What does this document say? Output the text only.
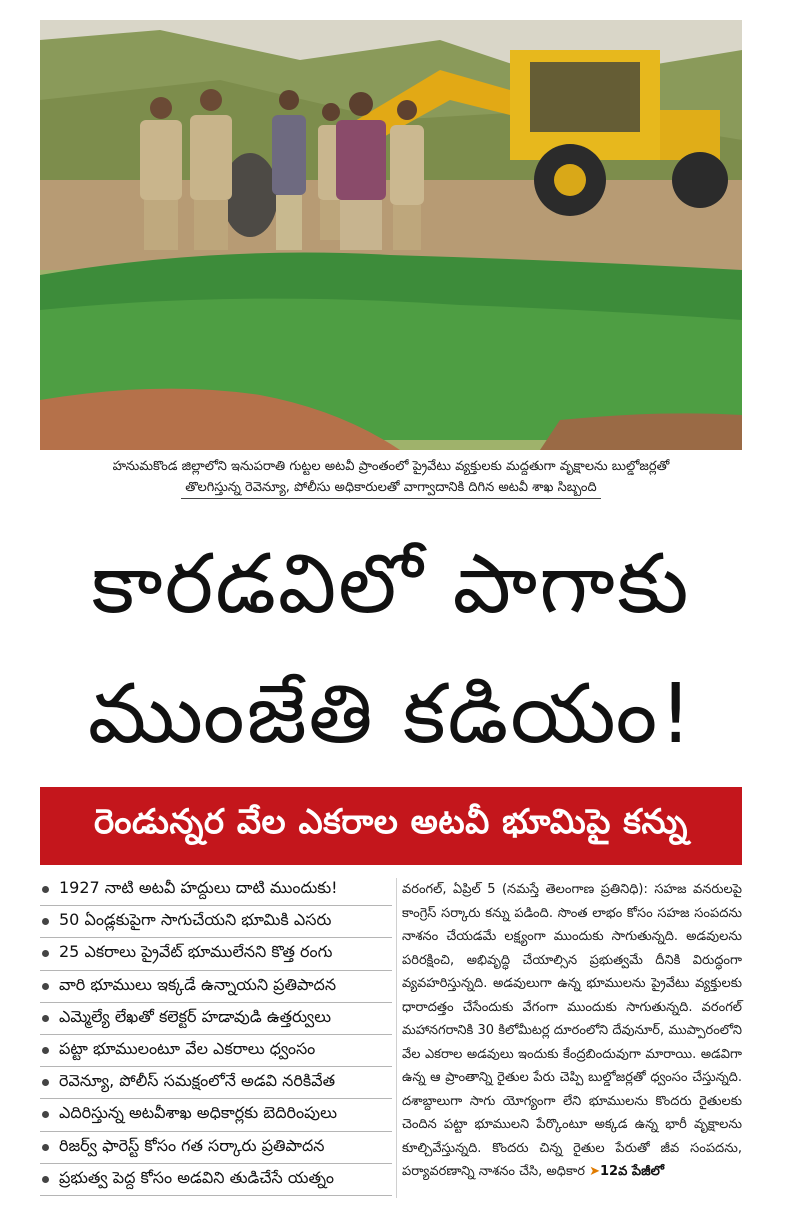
హనుమకొండ జిల్లాలోని ఇనుపరాతి గుట్టల అటవీ ప్రాంతంలో ప్రైవేటు వ్యక్తులకు మద్దతుగా వృక్షాలను బుల్డోజర్లతో
తొలగిస్తున్న రెవెన్యూ, పోలీసు అధికారులతో వాగ్వాదానికి దిగిన అటవీ శాఖ సిబ్బంది
కారడవిలో పాగాకు
ముంజేతి కడియం!
రెండున్నర వేల ఎకరాల అటవీ భూమిపై కన్ను
1927 నాటి అటవీ హద్దులు దాటి ముందుకు!
50 ఏండ్లకుపైగా సాగుచేయని భూమికి ఎసరు
25 ఎకరాలు ప్రైవేట్ భూములేనని కొత్త రంగు
వారి భూములు ఇక్కడే ఉన్నాయని ప్రతిపాదన
ఎమ్మెల్యే లేఖతో కలెక్టర్ హడావుడి ఉత్తర్వులు
పట్టా భూములంటూ వేల ఎకరాలు ధ్వంసం
రెవెన్యూ, పోలీస్ సమక్షంలోనే అడవి నరికివేత
ఎదిరిస్తున్న అటవీశాఖ అధికార్లకు బెదిరింపులు
రిజర్వ్ ఫారెస్ట్ కోసం గత సర్కారు ప్రతిపాదన
ప్రభుత్వ పెద్ద కోసం అడవిని తుడిచేసే యత్నం
వరంగల్, ఏప్రిల్ 5 (నమస్తే తెలంగాణ ప్రతినిధి): సహజ వనరులపై కాంగ్రెస్ సర్కారు కన్ను పడింది. సొంత లాభం కోసం సహజ సంపదను నాశనం చేయడమే లక్ష్యంగా ముందుకు సాగుతున్నది. అడవులను పరిరక్షించి, అభివృద్ధి చేయాల్సిన ప్రభుత్వమే దీనికి విరుద్ధంగా వ్యవహరిస్తున్నది. అడవులుగా ఉన్న భూములను ప్రైవేటు వ్యక్తులకు ధారాదత్తం చేసేందుకు వేగంగా ముందుకు సాగుతున్నది. వరంగల్ మహానగరానికి 30 కిలోమీటర్ల దూరంలోని దేవునూర్, ముప్పారంలోని వేల ఎకరాల అడవులు ఇందుకు కేంద్రబిందువుగా మారాయి. అడవిగా ఉన్న ఆ ప్రాంతాన్ని రైతుల పేరు చెప్పి బుల్డోజర్లతో ధ్వంసం చేస్తున్నది. దశాబ్దాలుగా సాగు యోగ్యంగా లేని భూములను కొందరు రైతులకు చెందిన పట్టా భూములని పేర్కొంటూ అక్కడ ఉన్న భారీ వృక్షాలను కూల్చివేస్తున్నది. కొందరు చిన్న రైతుల పేరుతో జీవ సంపదను, పర్యావరణాన్ని నాశనం చేసి, అధికార ➤12వ పేజీలో
